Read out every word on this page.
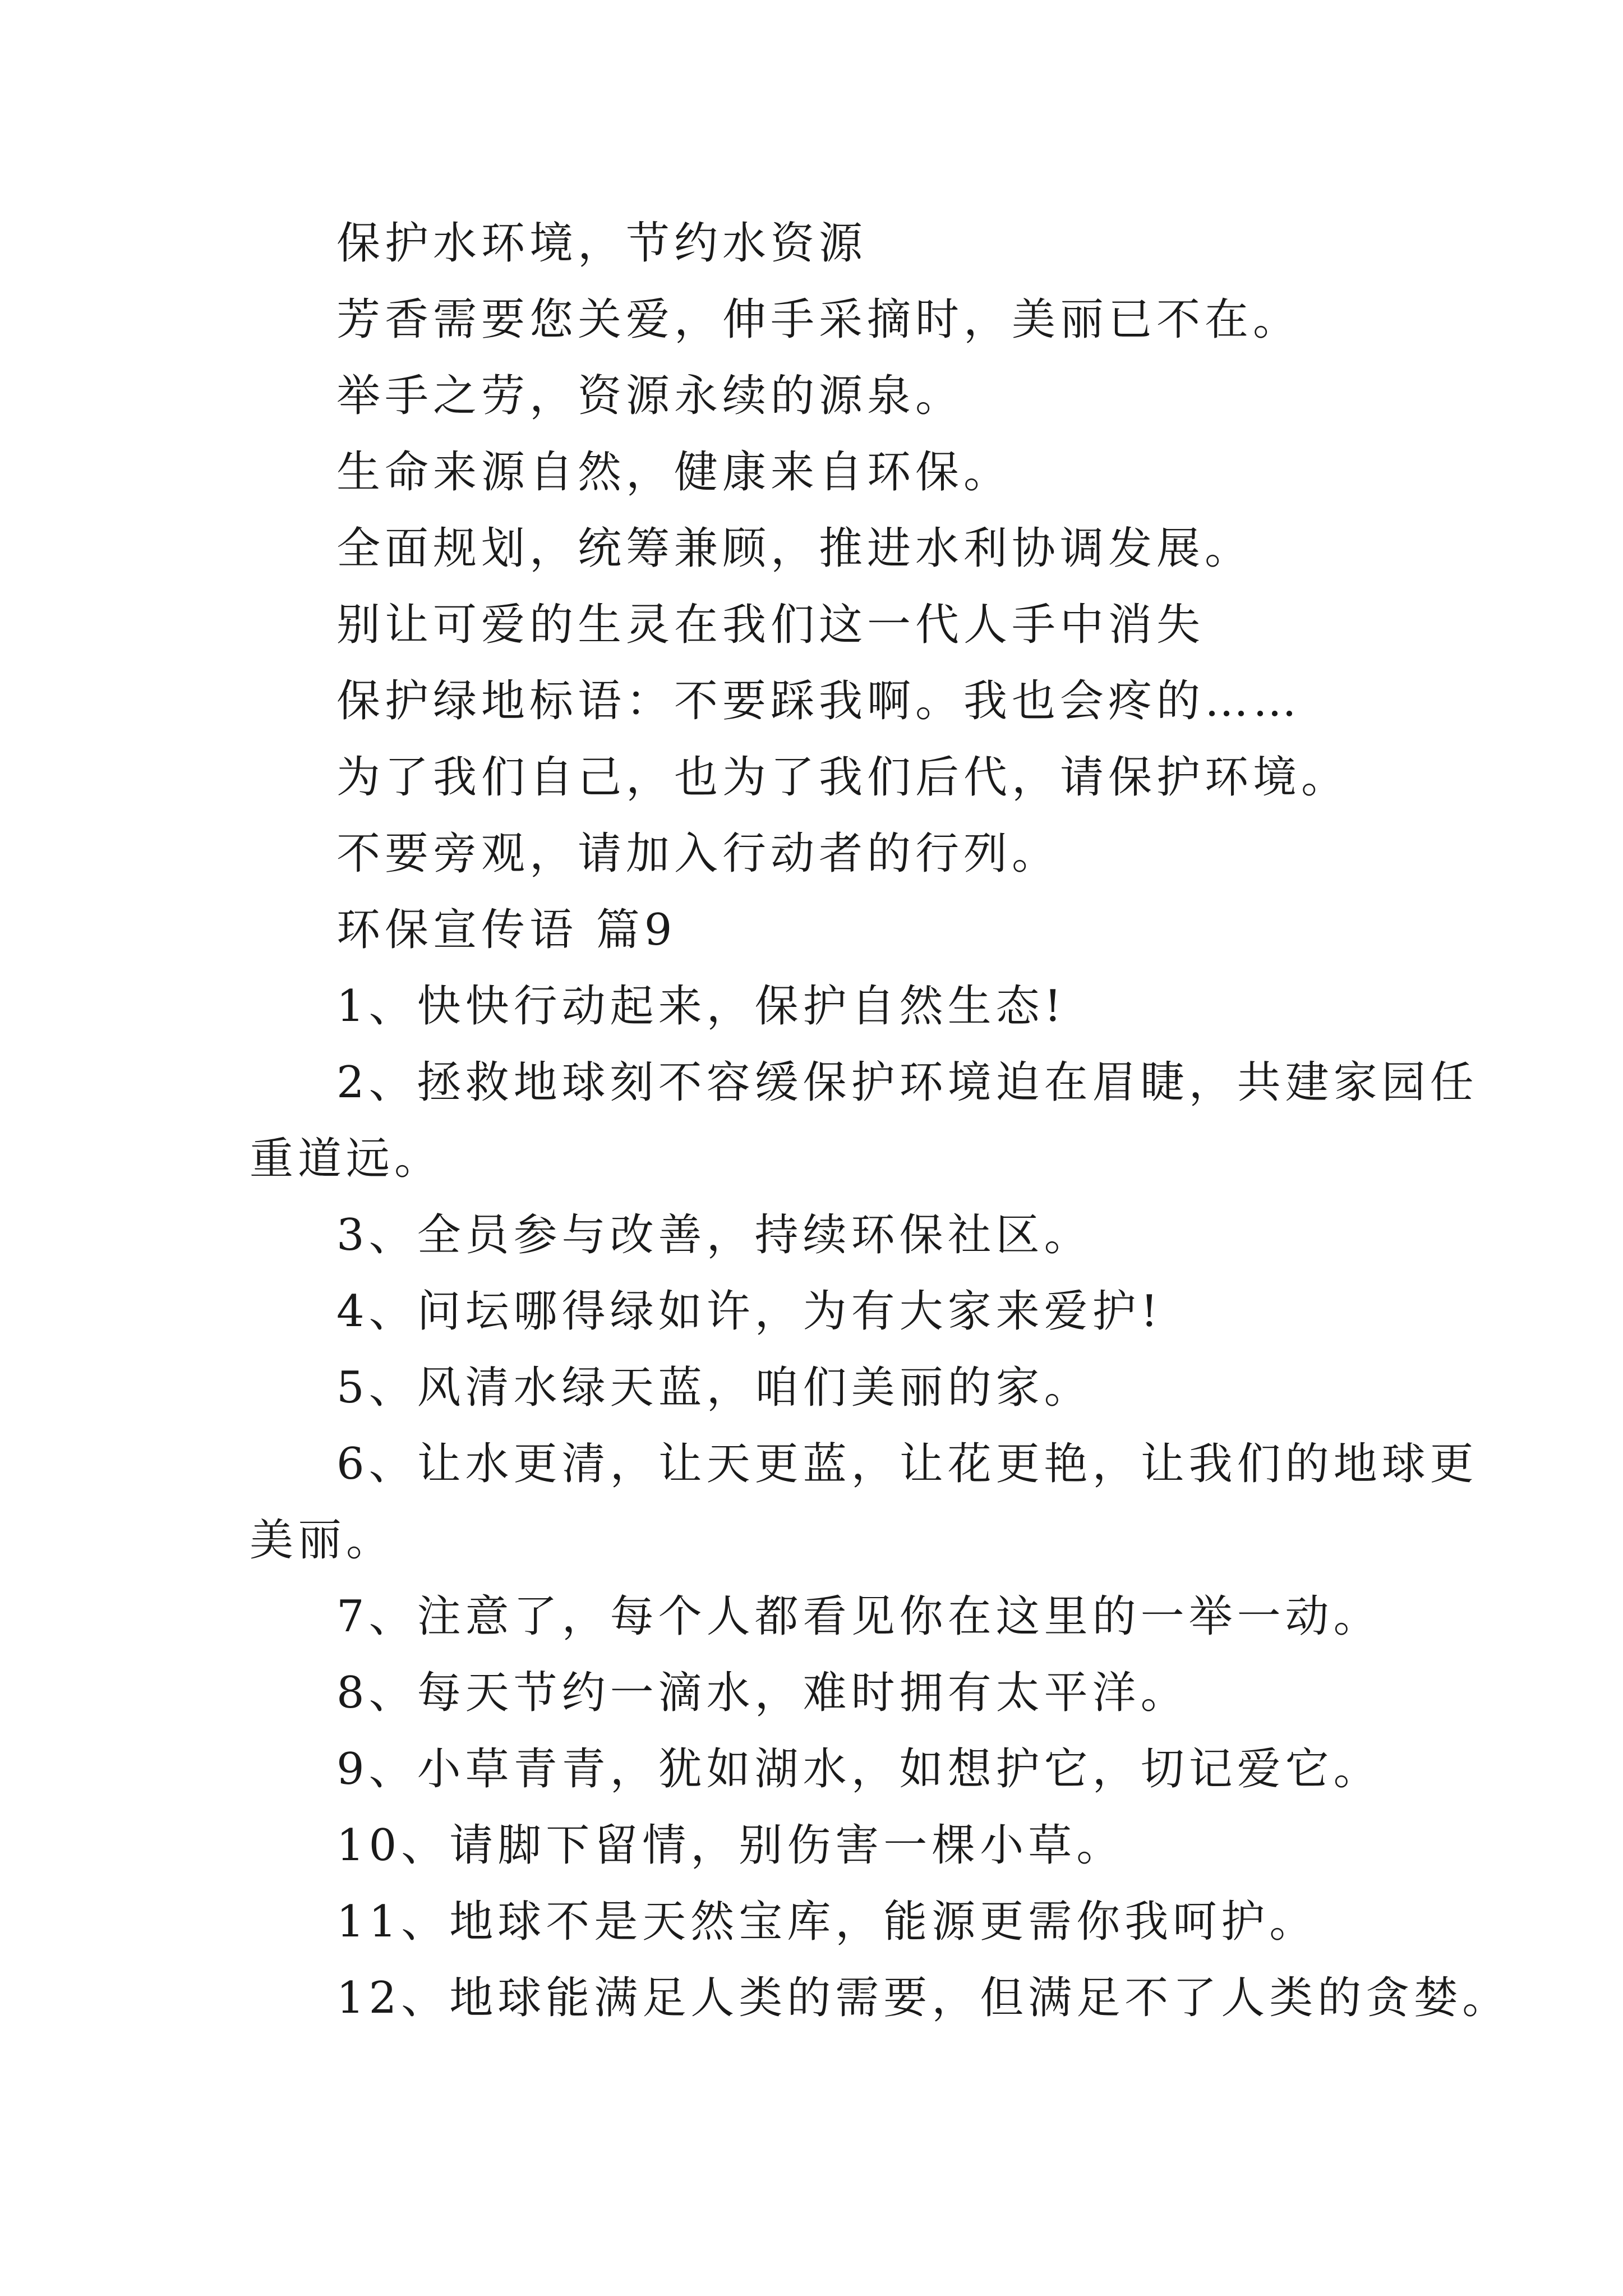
保护水环境，节约水资源
芳香需要您关爱，伸手采摘时，美丽已不在。
举手之劳，资源永续的源泉。
生命来源自然，健康来自环保。
全面规划，统筹兼顾，推进水利协调发展。
别让可爱的生灵在我们这一代人手中消失
保护绿地标语：不要踩我啊。我也会疼的……
为了我们自己，也为了我们后代，请保护环境。
不要旁观，请加入行动者的行列。
环保宣传语 篇9
1、快快行动起来，保护自然生态!
2、拯救地球刻不容缓保护环境迫在眉睫，共建家园任
重道远。
3、全员参与改善，持续环保社区。
4、问坛哪得绿如许，为有大家来爱护!
5、风清水绿天蓝，咱们美丽的家。
6、让水更清，让天更蓝，让花更艳，让我们的地球更
美丽。
7、注意了，每个人都看见你在这里的一举一动。
8、每天节约一滴水，难时拥有太平洋。
9、小草青青，犹如湖水，如想护它，切记爱它。
10、请脚下留情，别伤害一棵小草。
11、地球不是天然宝库，能源更需你我呵护。
12、地球能满足人类的需要，但满足不了人类的贪婪。
